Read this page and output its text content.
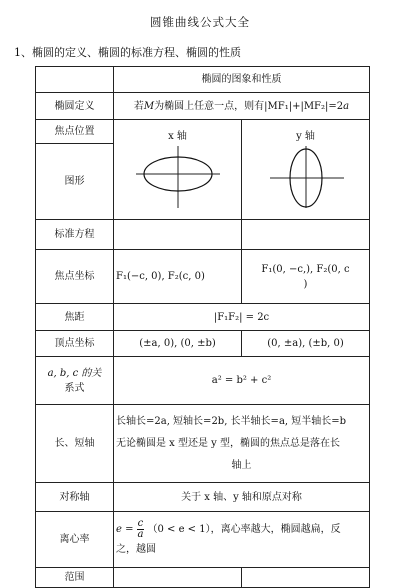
圆锥曲线公式大全
1、椭圆的定义、椭圆的标准方程、椭圆的性质
	椭圆的图象和性质	
椭圆定义	若M为椭圆上任意一点，则有|MF₁|+|MF₂|=2a	
焦点位置	x 轴	y 轴

图形		
标准方程		
焦点坐标	F₁(−c, 0), F₂(c, 0)	F₁(0, −c,), F₂(0, c
)
焦距	|F₁F₂| = 2c	
顶点坐标	(±a, 0), (0, ±b)	(0, ±a), (±b, 0)
a, b, c 的关
系式	a² = b² + c²	
长、短轴	长轴长=2a, 短轴长=2b, 长半轴长=a, 短半轴长=b
无论椭圆是 x 型还是 y 型，椭圆的焦点总是落在长

轴上	

对称轴	关于 x 轴、y 轴和原点对称	
离心率	$e = \frac{c}{a} (0 < e < 1)$，离心率越大，椭圆越扁，反
之，越圆	
范围		
